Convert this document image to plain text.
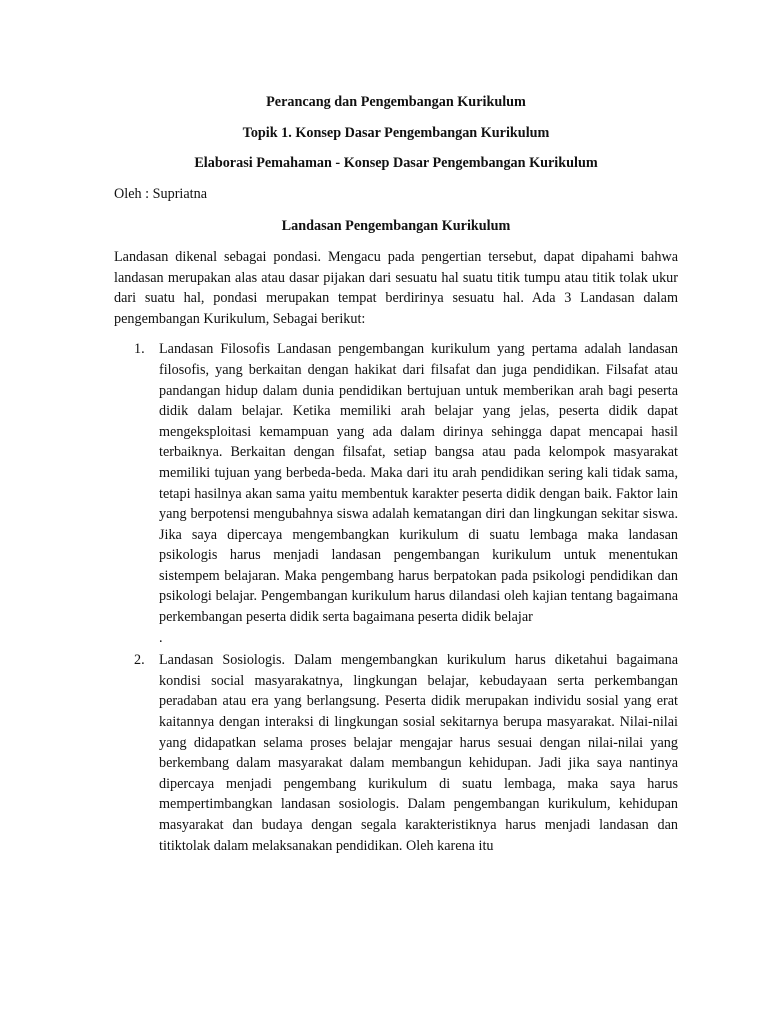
Perancang dan Pengembangan Kurikulum

Topik 1. Konsep Dasar Pengembangan Kurikulum

Elaborasi Pemahaman - Konsep Dasar Pengembangan Kurikulum

Oleh : Supriatna

Landasan Pengembangan Kurikulum

Landasan dikenal sebagai pondasi. Mengacu pada pengertian tersebut, dapat dipahami bahwa landasan merupakan alas atau dasar pijakan dari sesuatu hal suatu titik tumpu atau titik tolak ukur dari suatu hal, pondasi merupakan tempat berdirinya sesuatu hal. Ada 3 Landasan dalam pengembangan Kurikulum, Sebagai berikut:

1. Landasan Filosofis Landasan pengembangan kurikulum yang pertama adalah landasan filosofis, yang berkaitan dengan hakikat dari filsafat dan juga pendidikan. Filsafat atau pandangan hidup dalam dunia pendidikan bertujuan untuk memberikan arah bagi peserta didik dalam belajar. Ketika memiliki arah belajar yang jelas, peserta didik dapat mengeksploitasi kemampuan yang ada dalam dirinya sehingga dapat mencapai hasil terbaiknya. Berkaitan dengan filsafat, setiap bangsa atau pada kelompok masyarakat memiliki tujuan yang berbeda-beda. Maka dari itu arah pendidikan sering kali tidak sama, tetapi hasilnya akan sama yaitu membentuk karakter peserta didik dengan baik. Faktor lain yang berpotensi mengubahnya siswa adalah kematangan diri dan lingkungan sekitar siswa. Jika saya dipercaya mengembangkan kurikulum di suatu lembaga maka landasan psikologis harus menjadi landasan pengembangan kurikulum untuk menentukan sistempem belajaran. Maka pengembang harus berpatokan pada psikologi pendidikan dan psikologi belajar. Pengembangan kurikulum harus dilandasi oleh kajian tentang bagaimana perkembangan peserta didik serta bagaimana peserta didik belajar
.
2. Landasan Sosiologis. Dalam mengembangkan kurikulum harus diketahui bagaimana kondisi social masyarakatnya, lingkungan belajar, kebudayaan serta perkembangan peradaban atau era yang berlangsung. Peserta didik merupakan individu sosial yang erat kaitannya dengan interaksi di lingkungan sosial sekitarnya berupa masyarakat. Nilai-nilai yang didapatkan selama proses belajar mengajar harus sesuai dengan nilai-nilai yang berkembang dalam masyarakat dalam membangun kehidupan. Jadi jika saya nantinya dipercaya menjadi pengembang kurikulum di suatu lembaga, maka saya harus mempertimbangkan landasan sosiologis. Dalam pengembangan kurikulum, kehidupan masyarakat dan budaya dengan segala karakteristiknya harus menjadi landasan dan titiktolak dalam melaksanakan pendidikan. Oleh karena itu
